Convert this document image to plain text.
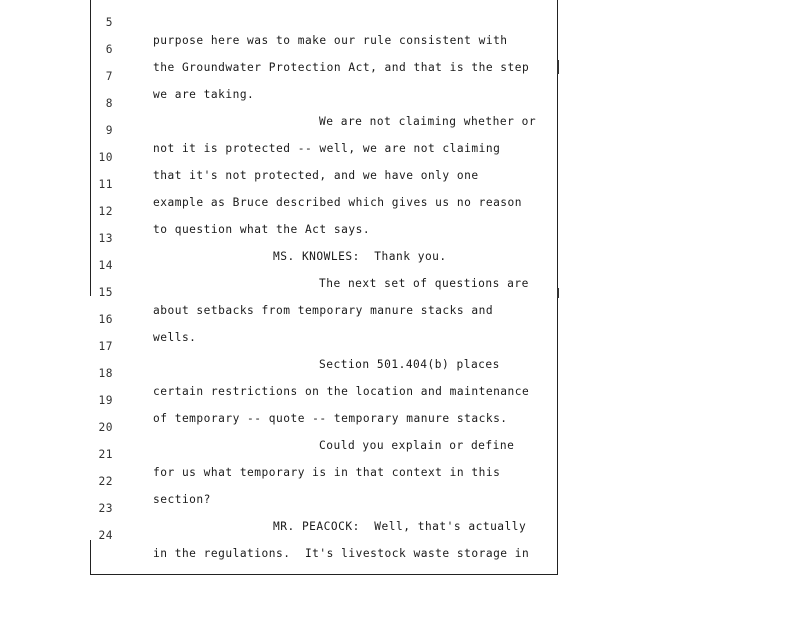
5

purpose here was to make our rule consistent with

6

the Groundwater Protection Act, and that is the step

7

we are taking.

8

We are not claiming whether or

9

not it is protected -- well, we are not claiming

10

that it's not protected, and we have only one

11

example as Bruce described which gives us no reason

12

to question what the Act says.

13

MS. KNOWLES:  Thank you.

14

The next set of questions are

15

about setbacks from temporary manure stacks and

16

wells.

17

Section 501.404(b) places

18

certain restrictions on the location and maintenance

19

of temporary -- quote -- temporary manure stacks.

20

Could you explain or define

21

for us what temporary is in that context in this

22

section?

23

MR. PEACOCK:  Well, that's actually

24

in the regulations.  It's livestock waste storage in
